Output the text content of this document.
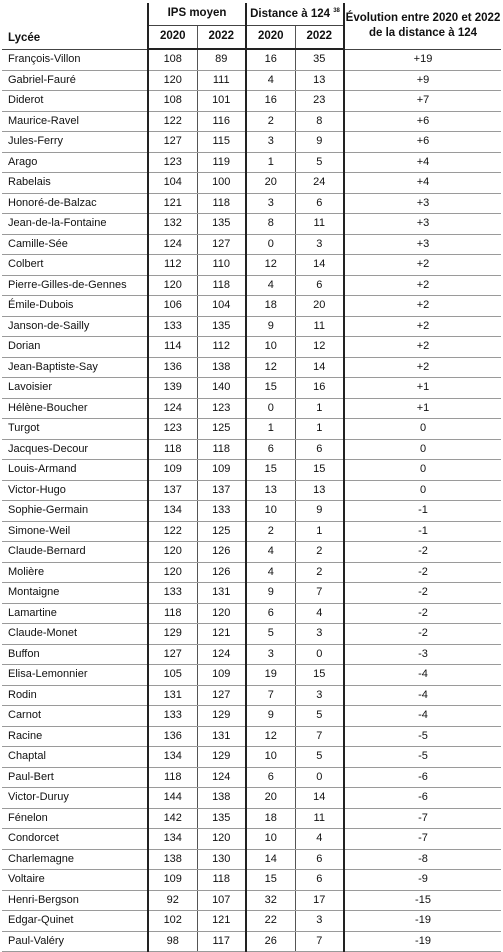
Lycée	IPS moyen		Distance à 124 $^{38}$		Évolution entre 2020 et 2022 de la distance à 124
	2020	2022	2020	2022	
François-Villon	108	89	16	35	+19
Gabriel-Fauré	120	111	4	13	+9
Diderot	108	101	16	23	+7
Maurice-Ravel	122	116	2	8	+6
Jules-Ferry	127	115	3	9	+6
Arago	123	119	1	5	+4
Rabelais	104	100	20	24	+4
Honoré-de-Balzac	121	118	3	6	+3
Jean-de-la-Fontaine	132	135	8	11	+3
Camille-Sée	124	127	0	3	+3
Colbert	112	110	12	14	+2
Pierre-Gilles-de-Gennes	120	118	4	6	+2
Émile-Dubois	106	104	18	20	+2
Janson-de-Sailly	133	135	9	11	+2
Dorian	114	112	10	12	+2
Jean-Baptiste-Say	136	138	12	14	+2
Lavoisier	139	140	15	16	+1
Hélène-Boucher	124	123	0	1	+1
Turgot	123	125	1	1	0
Jacques-Decour	118	118	6	6	0
Louis-Armand	109	109	15	15	0
Victor-Hugo	137	137	13	13	0
Sophie-Germain	134	133	10	9	-1
Simone-Weil	122	125	2	1	-1
Claude-Bernard	120	126	4	2	-2
Molière	120	126	4	2	-2
Montaigne	133	131	9	7	-2
Lamartine	118	120	6	4	-2
Claude-Monet	129	121	5	3	-2
Buffon	127	124	3	0	-3
Elisa-Lemonnier	105	109	19	15	-4
Rodin	131	127	7	3	-4
Carnot	133	129	9	5	-4
Racine	136	131	12	7	-5
Chaptal	134	129	10	5	-5
Paul-Bert	118	124	6	0	-6
Victor-Duruy	144	138	20	14	-6
Fénelon	142	135	18	11	-7
Condorcet	134	120	10	4	-7
Charlemagne	138	130	14	6	-8
Voltaire	109	118	15	6	-9
Henri-Bergson	92	107	32	17	-15
Edgar-Quinet	102	121	22	3	-19
Paul-Valéry	98	117	26	7	-19
